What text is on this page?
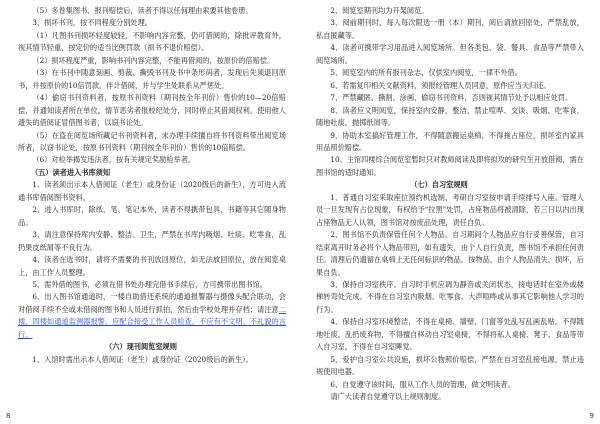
（5）多卷集图书、报刊赔偿后，读者不得以任何理由索要其他卷册。

3、损坏书刊，按不同程度分别处理。

（1）凡图书刊损坏轻度较轻，不影响内容完整，仍可借阅的，除批评教育外，视其情节轻重，按定价的适当比例罚款（损书不退价赔偿）。

（2）损坏程度严重，影响书刊内容完整，不能再借阅的，按原价的倍赔偿。

（3）在书刊中随意刻画、剪裁、撕毁书刊及书中条形码者，发现后先须退回原书，并按原价的10倍罚款，伴计借阅，并与学生处联系从严惩处。

（4）偷窃书刊资料者，按原书刊资料（期刊按全年刊价）售价的10—20倍赔偿，并通知读者所在单位，情节恶劣者报校纪处分，同时停止其借阅权利。使用他人遗失的借阅证冒借图书者，以窃书论处。

（5）在盗在阅览场所藏记书刊资料者，未办理手续擅自将书刊资料带出阅览场所者，以窃书论处，按原书刊资料（期刊按全年刊价）售价的10倍赔偿。

（6）对检举揭发违法者，按有关规定奖励检举者。

（五）读者进入书库须知

1、读者须出示本人借阅证（老生）或身份证（2020级后的新生），方可进入流通书库借阅图书资料。

2、进入书库时，除纸、笔、笔记本外，读者不得携带包具、书籍等其它随身物品。

3、请注意保持库内安静、整洁、卫生，严禁在书库内吸烟、吐痰、吃零食，乱扔果皮纸屑等不良行为。

4、读者在选书时，请将不需要的书刊放回原位，如无法放回原位，放在阅览桌上，由工作人员整理。

5、需外借的图书，必须在借书处办理完借书手续后，方可携带出图书馆。

6、出入图书馆通道时，一楼自助借还系统的通道报警器与摄像头配合联动，会对借阅手续不全或未借阅的图书和人员进行抓拍，然后由学校处理并存档；请注意二楼、四楼如通道监测器报警，应配合接受工作人员检查，不应有不文明、不礼貌的言行。

（六）现刊阅览室规则

1、入馆时需出示本人借阅证（老生）或身份证（2020级后的新生）。

2、阅览室期刊均为开架阅览。

3、阅前期刊时，每人每次限选一册（本）期刊，阅后请放回原处，严禁乱放，私自匿藏等。

4、读者可携带学习用品进入阅览场所。但各类包、袋、餐具、食品等严禁带入阅览场所。

5、阅览室内的所有报刊杂志，仅供室内阅览，一律不外借。

6、若需复印相关文献资料，须报经管理人员同意，原件应当天归还。

7、严禁藏匿、撕割、涂画、偷窃书刊资料，否则视其情节处予以相应处罚。

8、读者应文明阅览，保持室内安静，整洁，禁止喧哗、交谈、吸烟、吃零食，随地吐痰，抛掷纸屑等。

9、协助本室搞好管理工作，不得随意搬运桌椅，不得拖占座位，损坏室内家具用品照价赔偿。

10、主馆四楼综合阅览室暂时只对教师阅读及即将拟攻的研究生开放借阅，需在图书馆的适时通知。

（七）自习室规则

1、普通自习室采取座位预约机选制，考研自习室按申请手续排号入座。管理人员一旦发现有占位现象，有权给予"拉黑"处罚，占座物品将被清除，若三日以内出现占座物品无人认领，图书馆对按废品处理，责任自负。

2、图书馆不负责保管任何个人物品。自习期间个人物品应自行妥善保管，自习结束离开时务必将个人物品带回，如有遗失，由个人自行负责，图书馆不承担任何责任。清理后仍遗留在桌椅上无任何标识的物品，按物品，由个人物品清失，损坏，后果自负。

3、保持自习室秩序。自习时手机应调为静音或关闭状态，接电话时在室外或楼梯转弯处完成。不得在自习室内吸烟、吃零食，大声喧哗或从事其它影响他人学习的行为。

4、保持自习室环境整洁，不得在桌椅、墙壁、门窗等处乱写乱画乱贴，不得随地吐痰，乱扔废弃物，不得擅自移动自习室桌椅，不得将私人桌椅、凳子、食品等带入自习室，不得在自习室睡觉。

5、爱护自习室公共设施，损坏公物照价赔偿，严禁在自习室乱接电源，禁止违规使用电器。

6、自觉遵守该时间，服从工作人员的管理，做文明读者。

请广大读者自觉遵守以上规则制度。

8	9
